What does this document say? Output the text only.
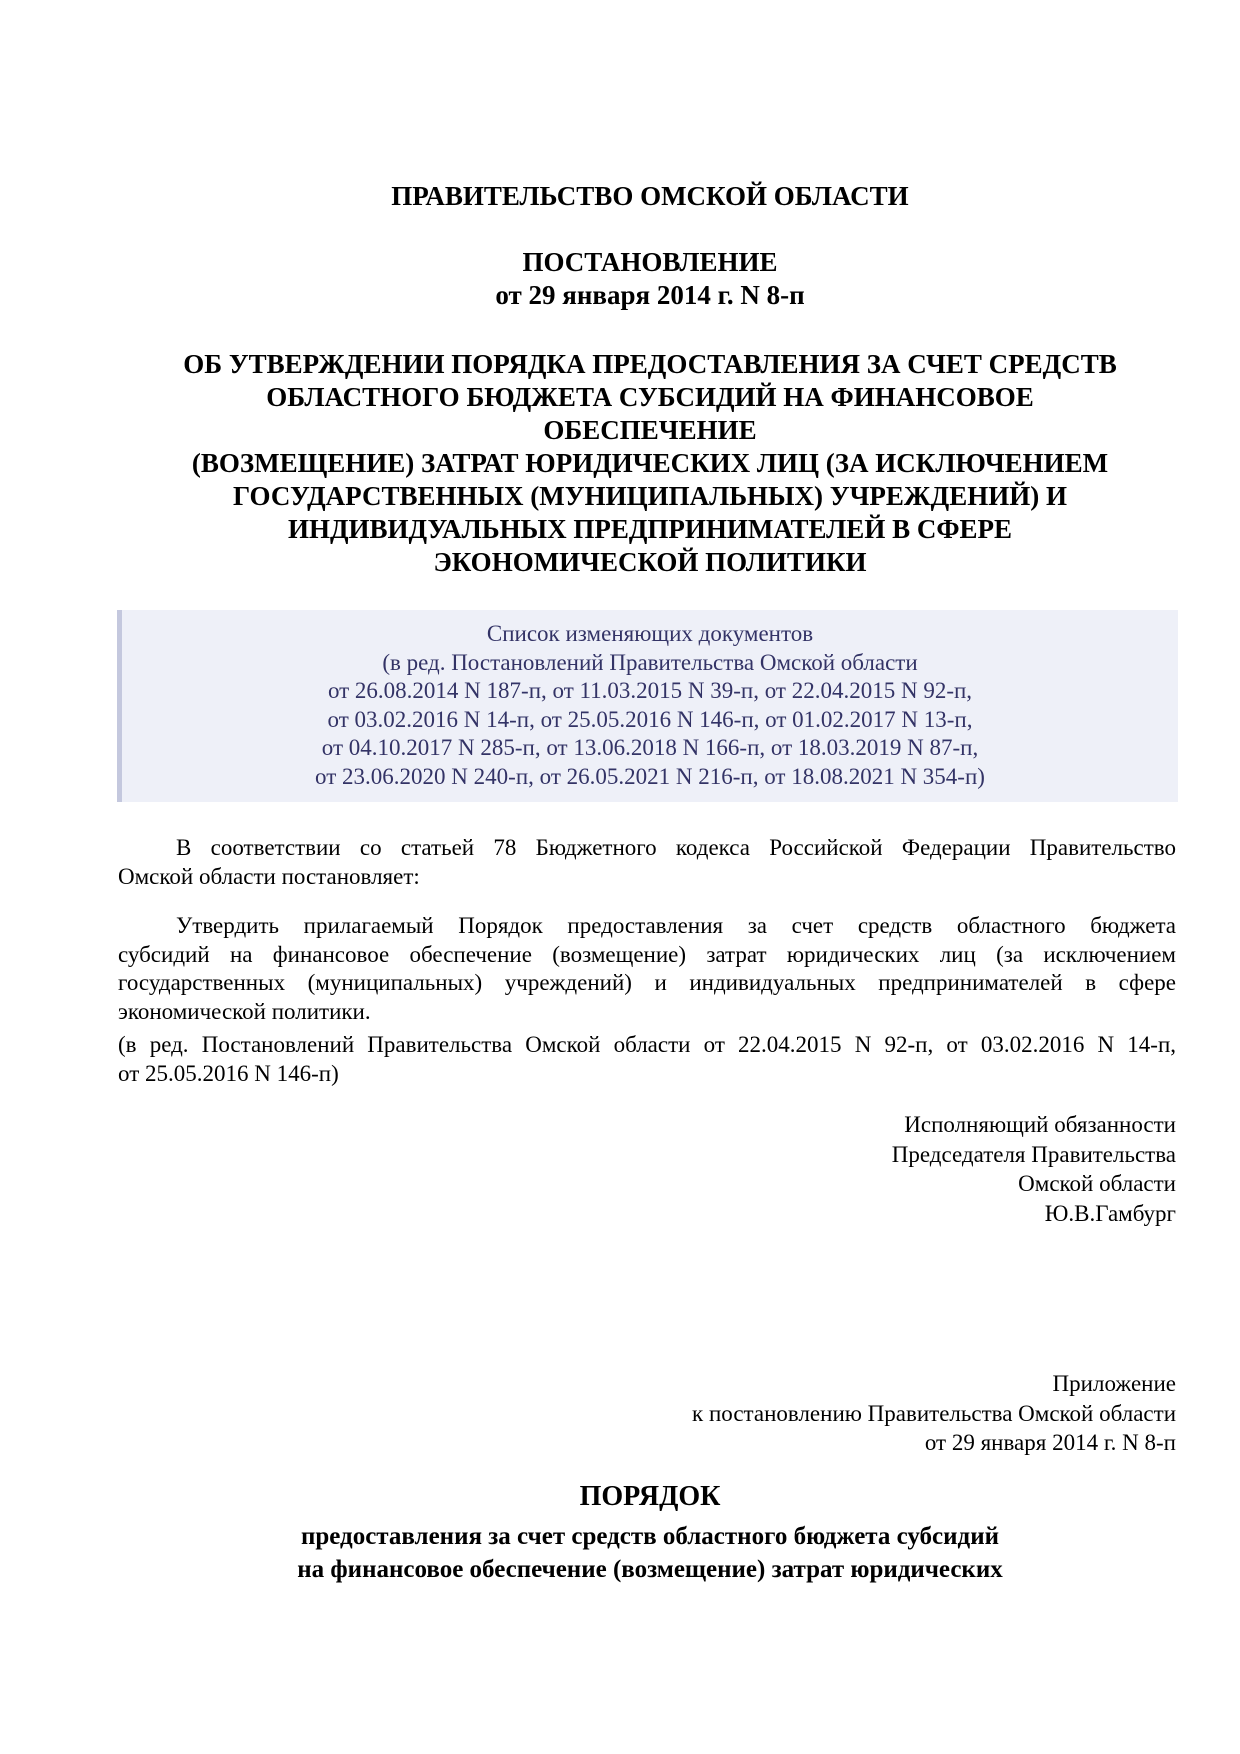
ПРАВИТЕЛЬСТВО ОМСКОЙ ОБЛАСТИ
ПОСТАНОВЛЕНИЕ
от 29 января 2014 г. N 8-п
ОБ УТВЕРЖДЕНИИ ПОРЯДКА ПРЕДОСТАВЛЕНИЯ ЗА СЧЕТ СРЕДСТВ
ОБЛАСТНОГО БЮДЖЕТА СУБСИДИЙ НА ФИНАНСОВОЕ
ОБЕСПЕЧЕНИЕ
(ВОЗМЕЩЕНИЕ) ЗАТРАТ ЮРИДИЧЕСКИХ ЛИЦ (ЗА ИСКЛЮЧЕНИЕМ
ГОСУДАРСТВЕННЫХ (МУНИЦИПАЛЬНЫХ) УЧРЕЖДЕНИЙ) И
ИНДИВИДУАЛЬНЫХ ПРЕДПРИНИМАТЕЛЕЙ В СФЕРЕ
ЭКОНОМИЧЕСКОЙ ПОЛИТИКИ
Список изменяющих документов
(в ред. Постановлений Правительства Омской области
от 26.08.2014 N 187-п, от 11.03.2015 N 39-п, от 22.04.2015 N 92-п,
от 03.02.2016 N 14-п, от 25.05.2016 N 146-п, от 01.02.2017 N 13-п,
от 04.10.2017 N 285-п, от 13.06.2018 N 166-п, от 18.03.2019 N 87-п,
от 23.06.2020 N 240-п, от 26.05.2021 N 216-п, от 18.08.2021 N 354-п)
В соответствии со статьей 78 Бюджетного кодекса Российской Федерации Правительство
Омской области постановляет:
Утвердить прилагаемый Порядок предоставления за счет средств областного бюджета
субсидий на финансовое обеспечение (возмещение) затрат юридических лиц (за исключением
государственных (муниципальных) учреждений) и индивидуальных предпринимателей в сфере
экономической политики.
(в ред. Постановлений Правительства Омской области от 22.04.2015 N 92-п, от 03.02.2016 N 14-п,
от 25.05.2016 N 146-п)
Исполняющий обязанности
Председателя Правительства
Омской области
Ю.В.Гамбург
Приложение
к постановлению Правительства Омской области
от 29 января 2014 г. N 8-п
ПОРЯДОК
предоставления за счет средств областного бюджета субсидий
на финансовое обеспечение (возмещение) затрат юридических
